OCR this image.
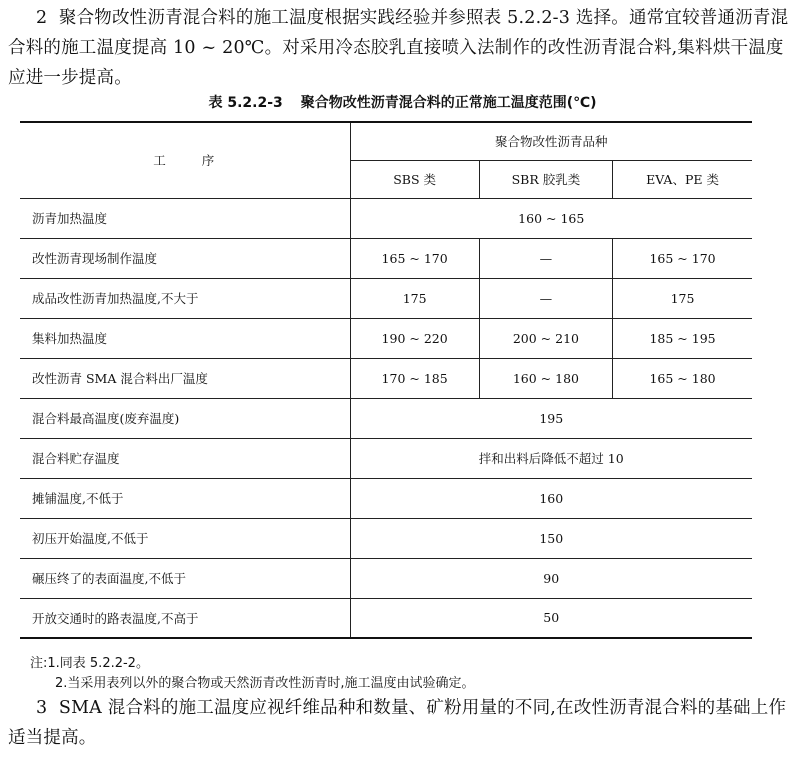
2 聚合物改性沥青混合料的施工温度根据实践经验并参照表 5.2.2-3 选择。通常宜较普通沥青混合料的施工温度提高 10 ~ 20℃。对采用冷态胶乳直接喷入法制作的改性沥青混合料,集料烘干温度应进一步提高。

表 5.2.2-3 聚合物改性沥青混合料的正常施工温度范围(℃)
工序	聚合物改性沥青品种		
	SBS 类	SBR 胶乳类	EVA、PE 类
沥青加热温度	160 ~ 165		
改性沥青现场制作温度	165 ~ 170	—	165 ~ 170
成品改性沥青加热温度,不大于	175	—	175
集料加热温度	190 ~ 220	200 ~ 210	185 ~ 195
改性沥青 SMA 混合料出厂温度	170 ~ 185	160 ~ 180	165 ~ 180
混合料最高温度(废弃温度)	195		
混合料贮存温度	拌和出料后降低不超过 10		
摊铺温度,不低于	160		
初压开始温度,不低于	150		
碾压终了的表面温度,不低于	90		
开放交通时的路表温度,不高于	50		
注:1.同表 5.2.2-2。
2.当采用表列以外的聚合物或天然沥青改性沥青时,施工温度由试验确定。

3 SMA 混合料的施工温度应视纤维品种和数量、矿粉用量的不同,在改性沥青混合料的基础上作适当提高。
